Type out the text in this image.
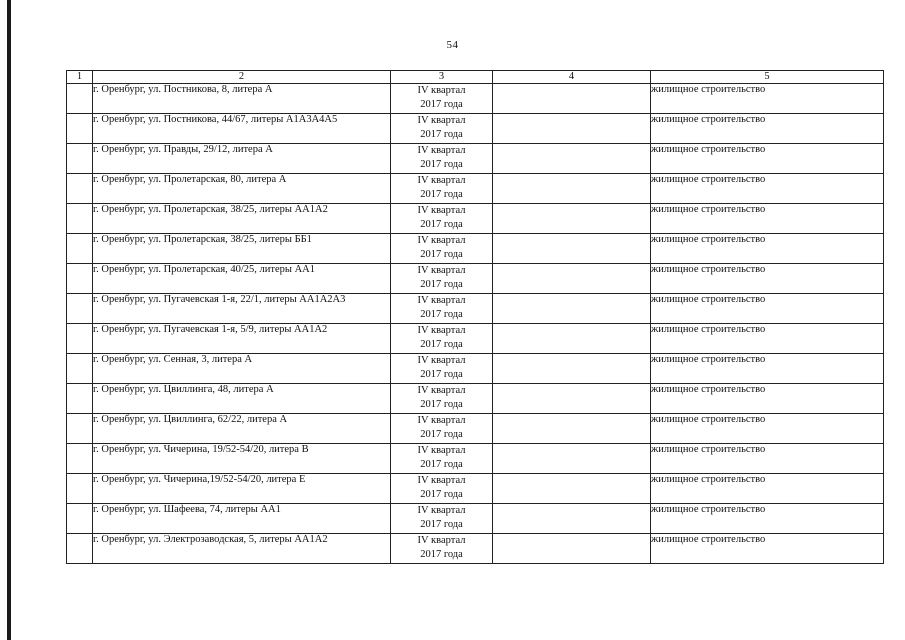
54
1	2	3	4	5
	г. Оренбург, ул. Постникова, 8, литера А	IV квартал
2017 года		жилищное строительство
	г. Оренбург, ул. Постникова, 44/67, литеры А1А3А4А5	IV квартал
2017 года		жилищное строительство
	г. Оренбург, ул. Правды, 29/12, литера А	IV квартал
2017 года		жилищное строительство
	г. Оренбург, ул. Пролетарская, 80, литера А	IV квартал
2017 года		жилищное строительство
	г. Оренбург, ул. Пролетарская, 38/25, литеры АА1А2	IV квартал
2017 года		жилищное строительство
	г. Оренбург, ул. Пролетарская, 38/25, литеры ББ1	IV квартал
2017 года		жилищное строительство
	г. Оренбург, ул. Пролетарская, 40/25, литеры АА1	IV квартал
2017 года		жилищное строительство
	г. Оренбург, ул. Пугачевская 1-я, 22/1, литеры АА1А2А3	IV квартал
2017 года		жилищное строительство
	г. Оренбург, ул. Пугачевская 1-я, 5/9, литеры АА1А2	IV квартал
2017 года		жилищное строительство
	г. Оренбург, ул. Сенная, 3, литера А	IV квартал
2017 года		жилищное строительство
	г. Оренбург, ул. Цвиллинга, 48, литера А	IV квартал
2017 года		жилищное строительство
	г. Оренбург, ул. Цвиллинга, 62/22, литера А	IV квартал
2017 года		жилищное строительство
	г. Оренбург, ул. Чичерина, 19/52-54/20, литера В	IV квартал
2017 года		жилищное строительство
	г. Оренбург, ул. Чичерина,19/52-54/20, литера Е	IV квартал
2017 года		жилищное строительство
	г. Оренбург, ул. Шафеева, 74, литеры АА1	IV квартал
2017 года		жилищное строительство
	г. Оренбург, ул. Электрозаводская, 5, литеры АА1А2	IV квартал
2017 года		жилищное строительство
